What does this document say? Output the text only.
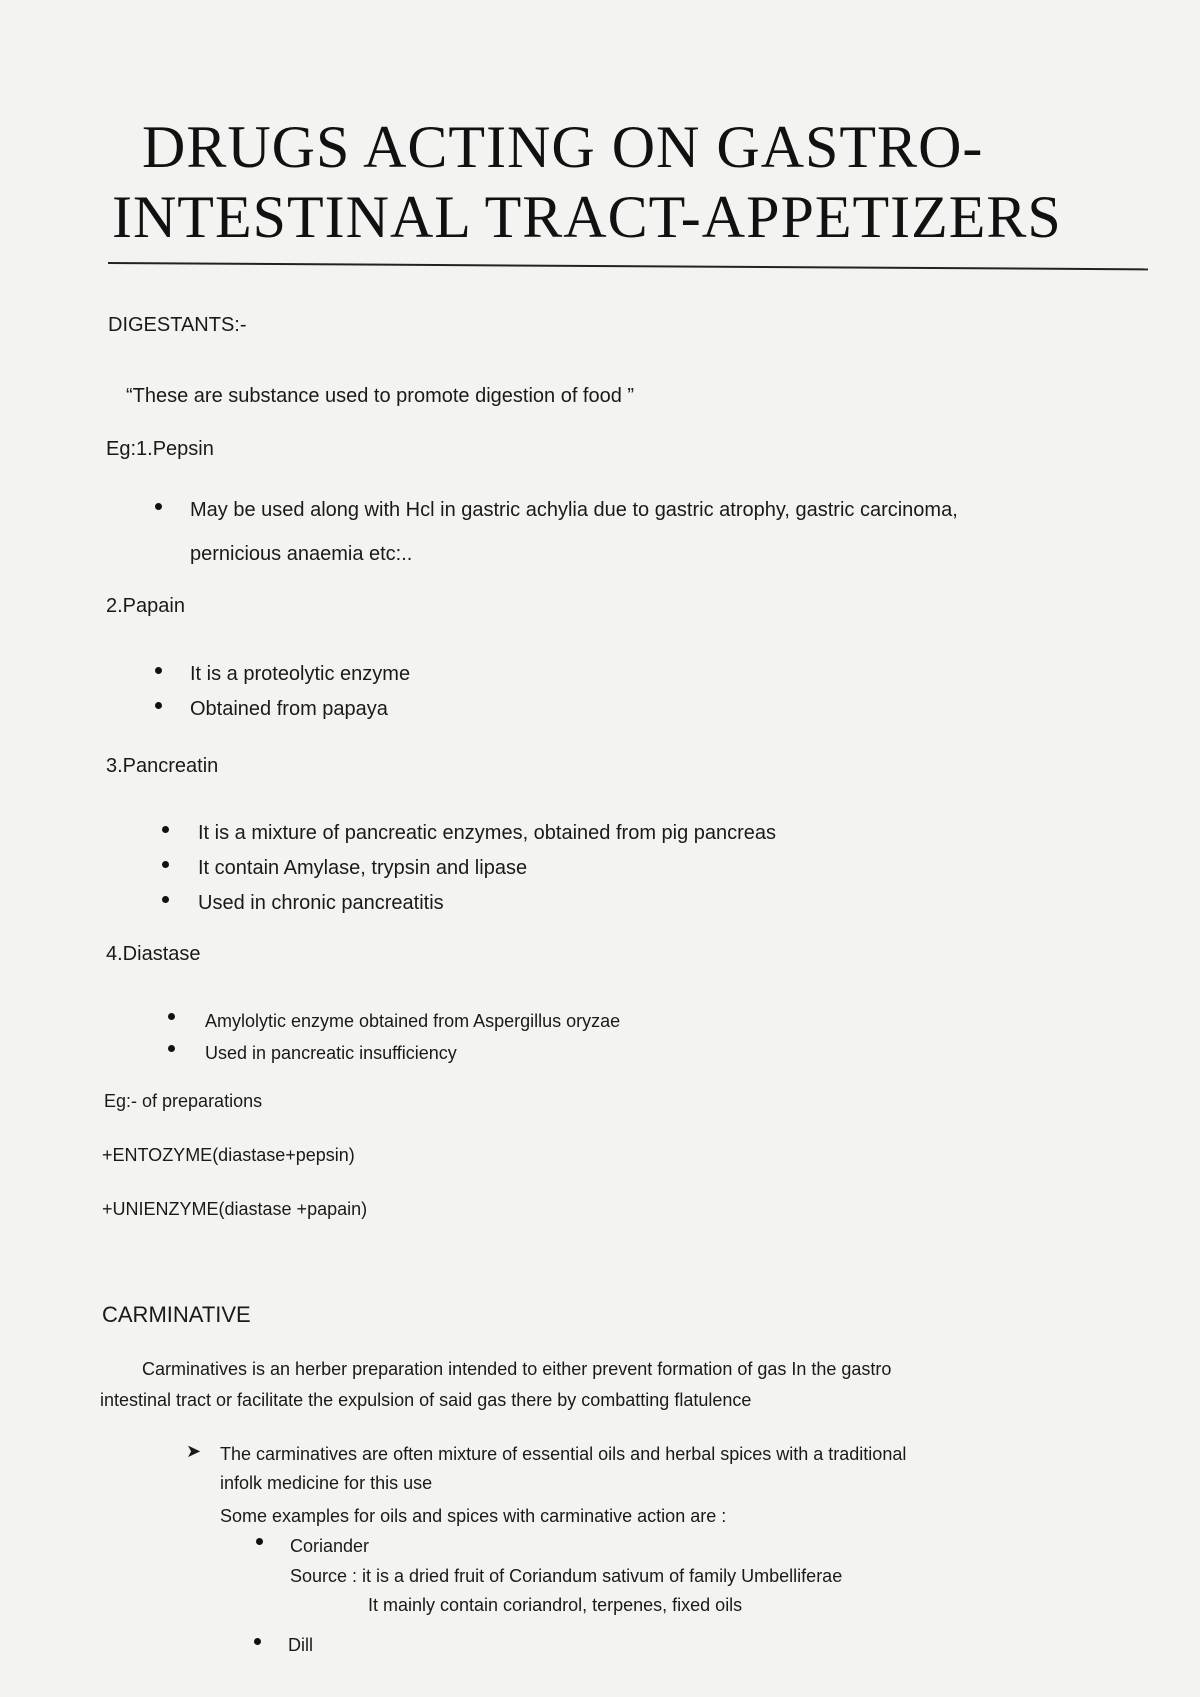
DRUGS ACTING ON GASTRO-
INTESTINAL TRACT-APPETIZERS
DIGESTANTS:-
“These are substance used to promote digestion of food ”
Eg:1.Pepsin
May be used along with Hcl in gastric achylia due to gastric atrophy, gastric carcinoma,
pernicious anaemia etc:..
2.Papain
It is a proteolytic enzyme
Obtained from papaya
3.Pancreatin
It is a mixture of pancreatic enzymes, obtained from pig pancreas
It contain Amylase, trypsin and lipase
Used in chronic pancreatitis
4.Diastase
Amylolytic enzyme obtained from Aspergillus oryzae
Used in pancreatic insufficiency
Eg:- of preparations
+ENTOZYME(diastase+pepsin)
+UNIENZYME(diastase +papain)
CARMINATIVE
Carminatives is an herber preparation intended to either prevent formation of gas In the gastro
intestinal tract or facilitate the expulsion of said gas there by combatting flatulence
➤ The carminatives are often mixture of essential oils and herbal spices with a traditional
infolk medicine for this use
Some examples for oils and spices with carminative action are :
Coriander
Source : it is a dried fruit of Coriandum sativum of family Umbelliferae
It mainly contain coriandrol, terpenes, fixed oils
Dill
